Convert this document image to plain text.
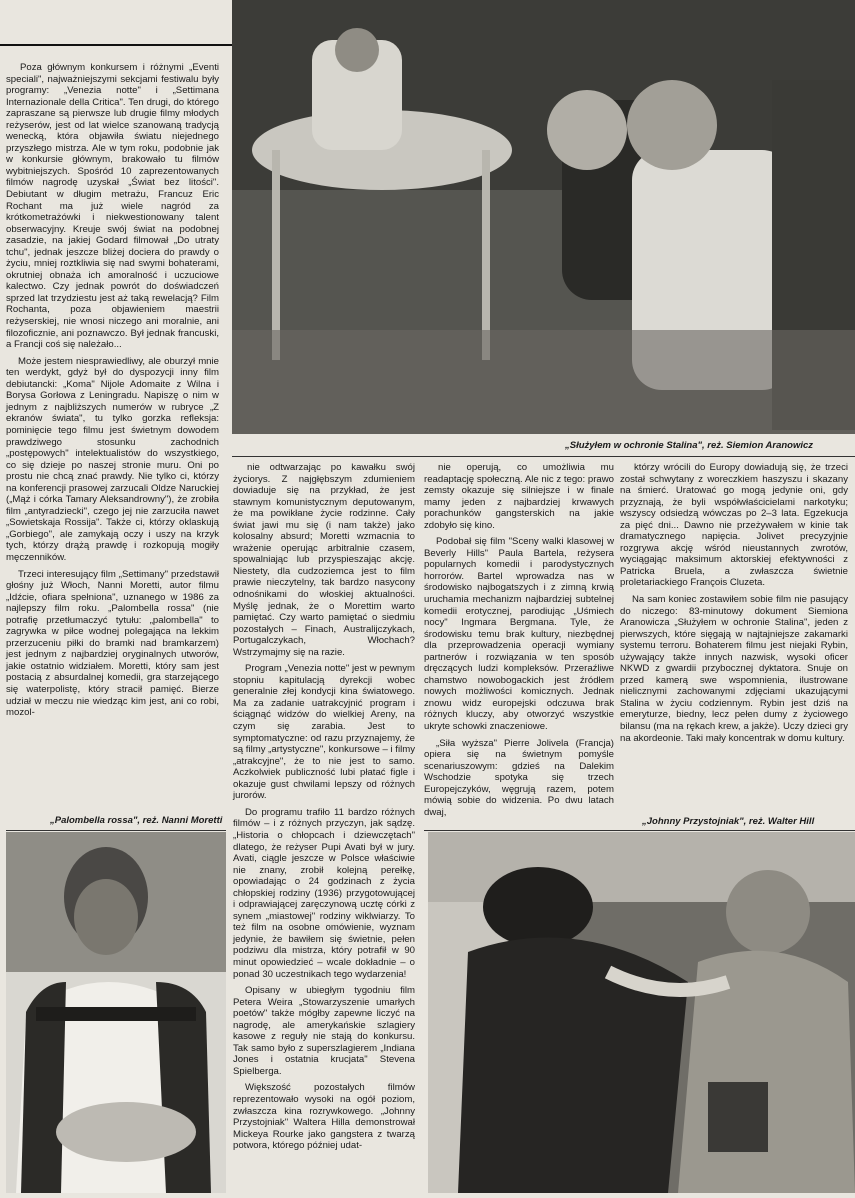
„Służyłem w ochronie Stalina", reż. Siemion Aranowicz

Poza głównym konkursem i różnymi „Eventi speciali", najważniejszymi sekcjami festiwalu były programy: „Venezia notte" i „Settimana Internazionale della Critica". Ten drugi, do którego zapraszane są pierwsze lub drugie filmy młodych reżyserów, jest od lat wielce szanowaną tradycją wenecką, która objawiła światu niejednego przyszłego mistrza. Ale w tym roku, podobnie jak w konkursie głównym, brakowało tu filmów wybitniejszych. Spośród 10 zaprezentowanych filmów nagrodę uzyskał „Świat bez litości". Debiutant w długim metrażu, Francuz Eric Rochant ma już wiele nagród za krótkometrażówki i niekwestionowany talent obserwacyjny. Kreuje swój świat na podobnej zasadzie, na jakiej Godard filmował „Do utraty tchu", jednak jeszcze bliżej dociera do prawdy o życiu, mniej roztkliwia się nad swymi bohaterami, okrutniej obnaża ich amoralność i uczuciowe kalectwo. Czy jednak powrót do doświadczeń sprzed lat trzydziestu jest aż taką rewelacją? Film Rochanta, poza objawieniem maestrii reżyserskiej, nie wnosi niczego ani moralnie, ani filozoficznie, ani poznawczo. Był jednak francuski, a Francji coś się należało...

Może jestem niesprawiedliwy, ale oburzył mnie ten werdykt, gdyż był do dyspozycji inny film debiutancki: „Koma" Nijole Adomaite z Wilna i Borysa Gorłowa z Leningradu. Napiszę o nim w jednym z najbliższych numerów w rubryce „Z ekranów świata", tu tylko gorzka refleksja: pominięcie tego filmu jest świetnym dowodem prawdziwego stosunku zachodnich „postępowych" intelektualistów do wszystkiego, co się dzieje po naszej stronie muru. Oni po prostu nie chcą znać prawdy. Nie tylko ci, którzy na konferencji prasowej zarzucali Oldze Naruckiej („Mąż i córka Tamary Aleksandrowny"), że zrobiła film „antyradziecki", czego jej nie zarzuciła nawet „Sowietskaja Rossija". Także ci, którzy oklaskują „Gorbiego", ale zamykają oczy i uszy na krzyk tych, którzy drążą prawdę i rozkopują mogiły męczenników.

Trzeci interesujący film „Settimany" przedstawił głośny już Włoch, Nanni Moretti, autor filmu „Idźcie, ofiara spełniona", uznanego w 1986 za najlepszy film roku. „Palombella rossa" (nie potrafię przetłumaczyć tytułu: „palombella" to zagrywka w piłce wodnej polegająca na lekkim przerzuceniu piłki do bramki nad bramkarzem) jest jednym z najbardziej oryginalnych utworów, jakie ostatnio widziałem. Moretti, który sam jest postacią z absurdalnej komedii, gra starzejącego się waterpolistę, który stracił pamięć. Bierze udział w meczu nie wiedząc kim jest, ani co robi, mozol-

„Palombella rossa", reż. Nanni Moretti

nie odtwarzając po kawałku swój życiorys. Z najgłębszym zdumieniem dowiaduje się na przykład, że jest stawnym komunistycznym deputowanym, że ma powikłane życie rodzinne. Cały świat jawi mu się (i nam także) jako kolosalny absurd; Moretti wzmacnia to wrażenie operując arbitralnie czasem, spowalniając lub przyspieszając akcję. Niestety, dla cudzoziemca jest to film prawie nieczytelny, tak bardzo nasycony odnośnikami do włoskiej aktualności. Myślę jednak, że o Morettim warto pamiętać. Czy warto pamiętać o siedmiu pozostałych – Finach, Australijczykach, Portugalczykach, Włochach? Wstrzymajmy się na razie.

Program „Venezia notte" jest w pewnym stopniu kapitulacją dyrekcji wobec generalnie złej kondycji kina światowego. Ma za zadanie uatrakcyjnić program i ściągnąć widzów do wielkiej Areny, na czym się zarabia. Jest to symptomatyczne: od razu przyznajemy, że są filmy „artystyczne", konkursowe – i filmy „atrakcyjne", że to nie jest to samo. Aczkolwiek publiczność lubi płatać figle i okazuje gust chwilami lepszy od różnych jurorów.

Do programu trafiło 11 bardzo różnych filmów – i z różnych przyczyn, jak sądzę. „Historia o chłopcach i dziewczętach" dlatego, że reżyser Pupi Avati był w jury. Avati, ciągle jeszcze w Polsce właściwie nie znany, zrobił kolejną perełkę, opowiadając o 24 godzinach z życia chłopskiej rodziny (1936) przygotowującej i odprawiającej zaręczynową ucztę córki z synem „miastowej" rodziny wiklwiarzy. To też film na osobne omówienie, wyznam jedynie, że bawiłem się świetnie, pełen podziwu dla mistrza, który potrafił w 90 minut opowiedzieć – wcale dokładnie – o ponad 30 uczestnikach tego wydarzenia!

Opisany w ubiegłym tygodniu film Petera Weira „Stowarzyszenie umarłych poetów" także mógłby zapewne liczyć na nagrodę, ale amerykańskie szlagiery kasowe z reguły nie stają do konkursu. Tak samo było z superszlagierem „Indiana Jones i ostatnia krucjata" Stevena Spielberga.

Większość pozostałych filmów reprezentowało wysoki na ogół poziom, zwłaszcza kina rozrywkowego. „Johnny Przystojniak" Waltera Hilla demonstrował Mickeya Rourke jako gangstera z twarzą potwora, którego później udat-

nie operują, co umożliwia mu readaptację społeczną. Ale nic z tego: prawo zemsty okazuje się silniejsze i w finale mamy jeden z najbardziej krwawych porachunków gangsterskich na jakie zdobyło się kino.

Podobał się film "Sceny walki klasowej w Beverly Hills" Paula Bartela, reżysera popularnych komedii i parodystycznych horrorów. Bartel wprowadza nas w środowisko najbogatszych i z zimną krwią uruchamia mechanizm najbardziej subtelnej komedii erotycznej, parodiując „Uśmiech nocy" Ingmara Bergmana. Tyle, że środowisku temu brak kultury, niezbędnej dla przeprowadzenia operacji wymiany partnerów i rozwiązania w ten sposób dręczących ludzi kompleksów. Przeraźliwe chamstwo nowobogackich jest źródłem nowych możliwości komicznych. Jednak znowu widz europejski odczuwa brak różnych kluczy, aby otworzyć wszystkie ukryte schowki znaczeniowe.

„Siła wyższa" Pierre Jolivela (Francja) opiera się na świetnym pomyśle scenariuszowym: gdzieś na Dalekim Wschodzie spotyka się trzech Europejczyków, węgrują razem, potem mówią sobie do widzenia. Po dwu latach dwaj,

którzy wrócili do Europy dowiadują się, że trzeci został schwytany z woreczkiem haszyszu i skazany na śmierć. Uratować go mogą jedynie oni, gdy przyznają, że byli współwłaścicielami narkotyku; wszyscy odsiedzą wówczas po 2–3 lata. Egzekucja za pięć dni... Dawno nie przeżywałem w kinie tak dramatycznego napięcia. Jolivet precyzyjnie rozgrywa akcję wśród nieustannych zwrotów, wyciągając maksimum aktorskiej efektywności z Patricka Bruela, a zwłaszcza świetnie proletariackiego François Cluzeta.

Na sam koniec zostawiłem sobie film nie pasujący do niczego: 83-minutowy dokument Siemiona Aranowicza „Służyłem w ochronie Stalina", jeden z pierwszych, które sięgają w najtajniejsze zakamarki systemu terroru. Bohaterem filmu jest niejaki Rybin, używający także innych nazwisk, wysoki oficer NKWD z gwardii przybocznej dyktatora. Snuje on przed kamerą swe wspomnienia, ilustrowane nielicznymi zachowanymi zdjęciami ukazującymi Stalina w życiu codziennym. Rybin jest dziś na emeryturze, biedny, lecz pełen dumy z życiowego bilansu (ma na rękach krew, a jakże). Uczy dzieci gry na akordeonie. Taki mały koncentrak w domu kultury.

„Johnny Przystojniak", reż. Walter Hill
